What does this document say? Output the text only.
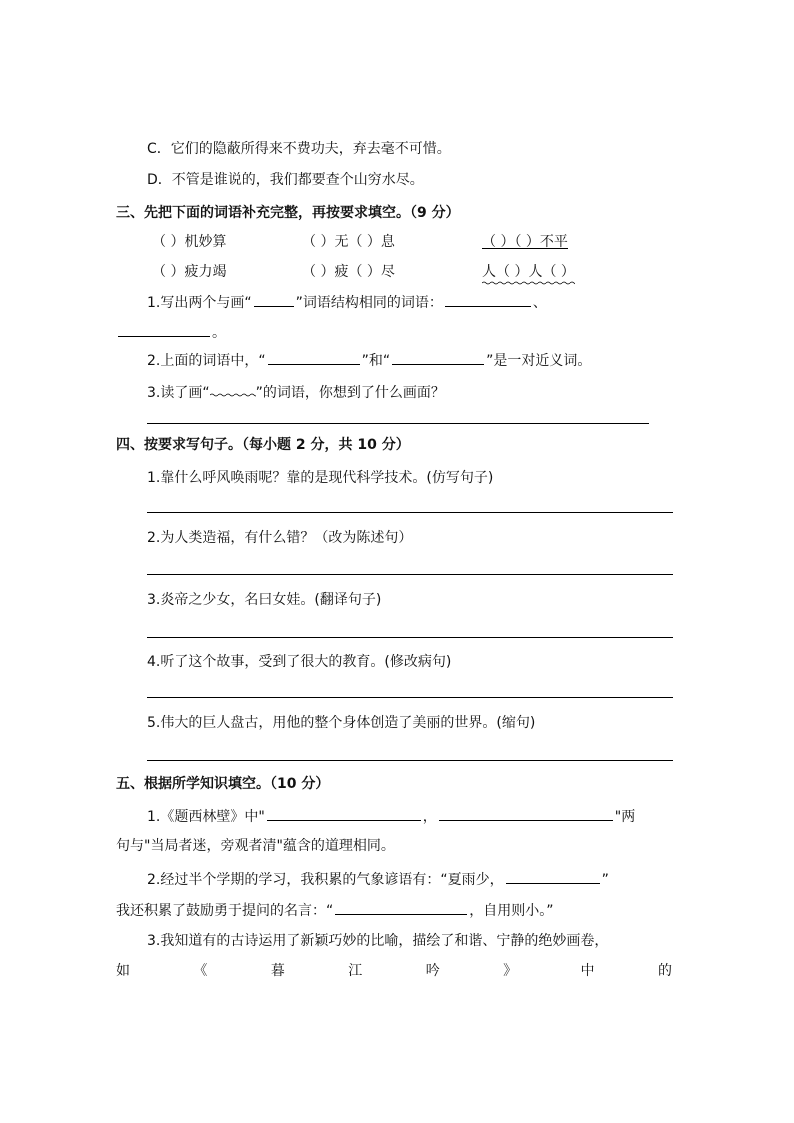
C．它们的隐蔽所得来不费功夫，弃去毫不可惜。
D．不管是谁说的，我们都要查个山穷水尽。
三、先把下面的词语补充完整，再按要求填空。（9 分）
（ ）机妙算	（ ）无（ ）息	（ ）（ ）不平
（ ）疲力竭	（ ）疲（ ）尽	人（ ）人（ ）
1.写出两个与画“	”词语结构相同的词语：	、
。
2.上面的词语中，“	”和“	”是一对近义词。
3.读了画“	”的词语，你想到了什么画面？
四、按要求写句子。（每小题 2 分，共 10 分）
1.靠什么呼风唤雨呢？靠的是现代科学技术。(仿写句子)
2.为人类造福，有什么错？（改为陈述句）
3.炎帝之少女，名曰女娃。(翻译句子)
4.听了这个故事，受到了很大的教育。(修改病句)
5.伟大的巨人盘古，用他的整个身体创造了美丽的世界。(缩句)
五、根据所学知识填空。（10 分）
1.《题西林壁》中"	，	"两
句与"当局者迷，旁观者清"蕴含的道理相同。
2.经过半个学期的学习，我积累的气象谚语有：“夏雨少，	”
我还积累了鼓励勇于提问的名言：“	，自用则小。”
3.我知道有的古诗运用了新颖巧妙的比喻，描绘了和谐、宁静的绝妙画卷，
如	《	暮	江	吟	》	中	的
